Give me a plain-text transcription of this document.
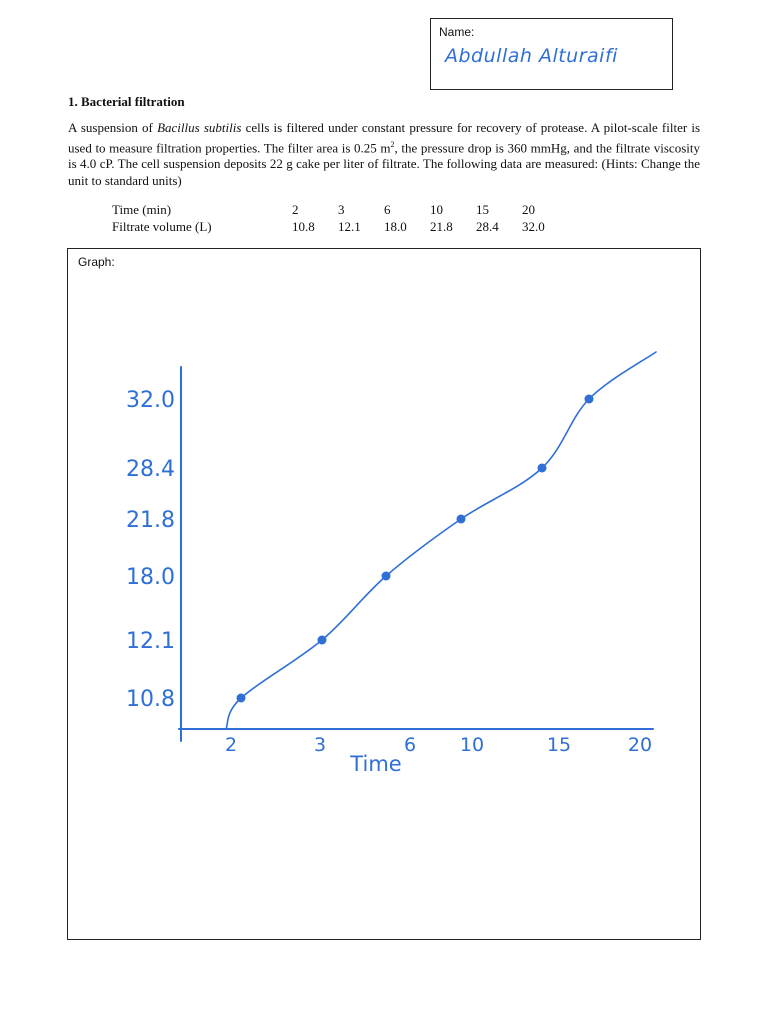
Name:
Abdullah Alturaifi
1. Bacterial filtration
A suspension of Bacillus subtilis cells is filtered under constant pressure for recovery of protease. A pilot-scale filter is used to measure filtration properties. The filter area is 0.25 $m^2$, the pressure drop is 360 mmHg, and the filtrate viscosity is 4.0 cP. The cell suspension deposits 22 g cake per liter of filtrate. The following data are measured: (Hints: Change the unit to standard units)
Time (min)	2	3	6	10	15	20
Filtrate volume (L)	10.8	12.1	18.0	21.8	28.4	32.0
Graph:
2	3	6 10	15	20
10.8
12.1
18.0
21.8
28.4
32.0
Time
